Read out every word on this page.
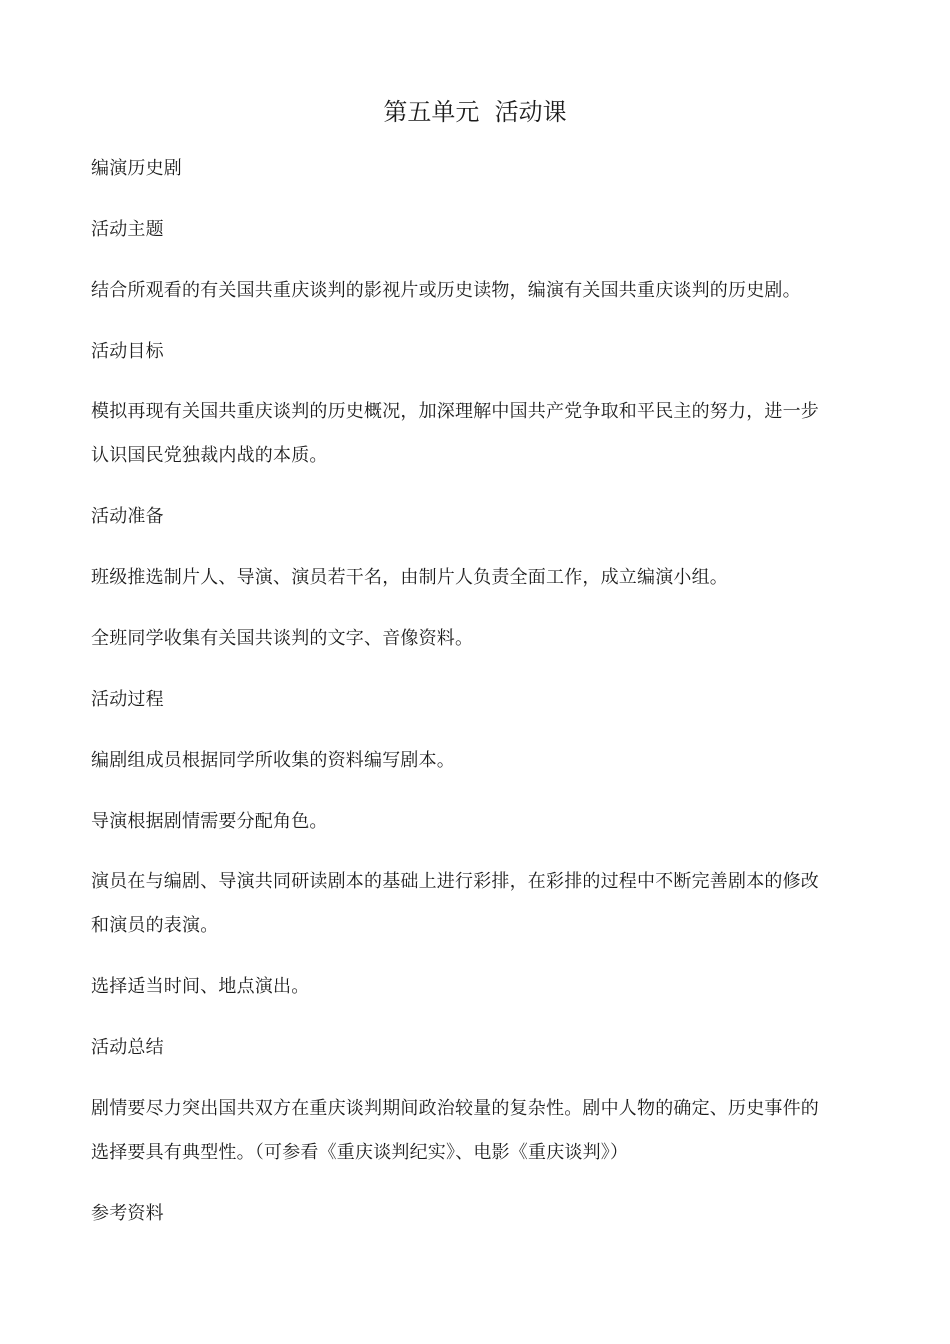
第五单元  活动课
编演历史剧
活动主题
结合所观看的有关国共重庆谈判的影视片或历史读物，编演有关国共重庆谈判的历史剧。
活动目标
模拟再现有关国共重庆谈判的历史概况，加深理解中国共产党争取和平民主的努力，进一步
认识国民党独裁内战的本质。
活动准备
班级推选制片人、导演、演员若干名，由制片人负责全面工作，成立编演小组。
全班同学收集有关国共谈判的文字、音像资料。
活动过程
编剧组成员根据同学所收集的资料编写剧本。
导演根据剧情需要分配角色。
演员在与编剧、导演共同研读剧本的基础上进行彩排，在彩排的过程中不断完善剧本的修改
和演员的表演。
选择适当时间、地点演出。
活动总结
剧情要尽力突出国共双方在重庆谈判期间政治较量的复杂性。剧中人物的确定、历史事件的
选择要具有典型性。（可参看《重庆谈判纪实》、电影《重庆谈判》）
参考资料
